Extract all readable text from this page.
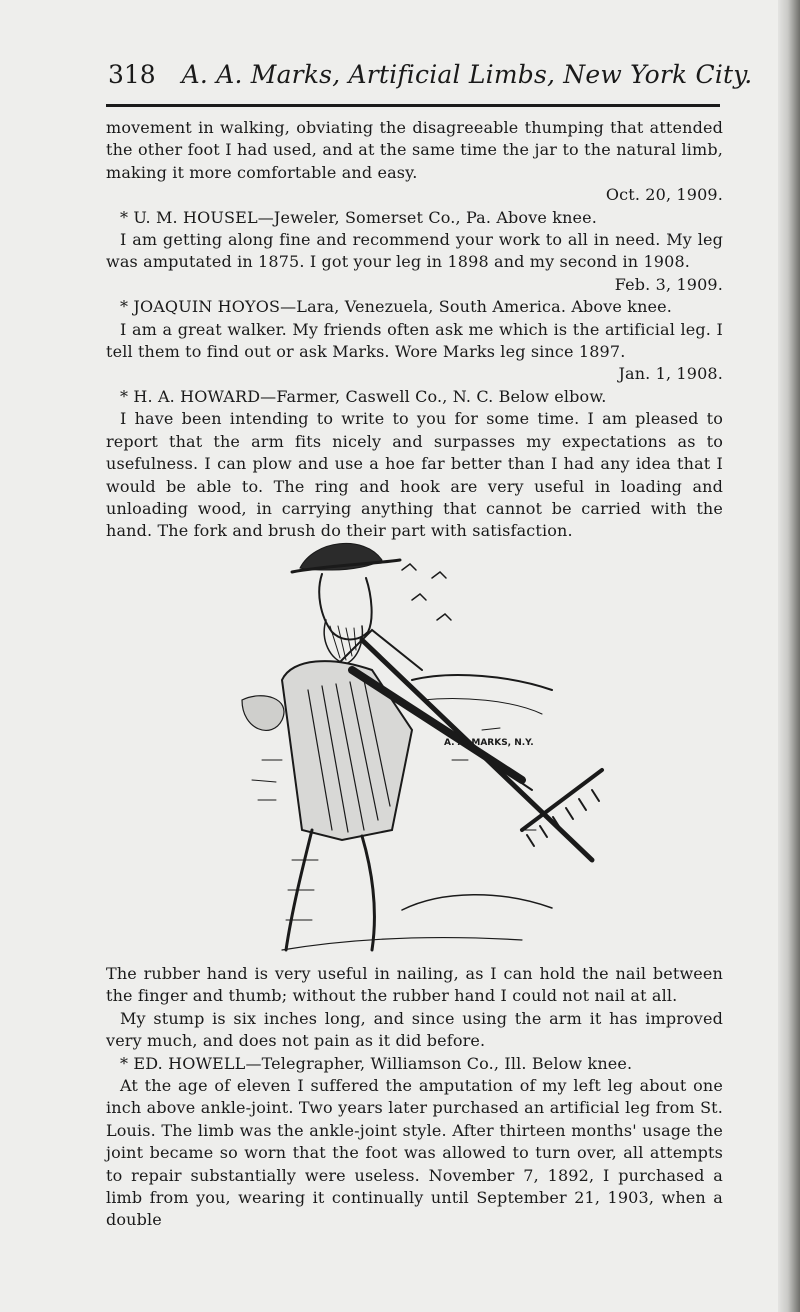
318 A. A. Marks, Artificial Limbs, New York City.

movement in walking, obviating the disagreeable thumping that attended the other foot I had used, and at the same time the jar to the natural limb, making it more comfortable and easy.
Oct. 20, 1909.

* U. M. HOUSEL—Jeweler, Somerset Co., Pa. Above knee.

I am getting along fine and recommend your work to all in need. My leg was amputated in 1875. I got your leg in 1898 and my second in 1908.
Feb. 3, 1909.

* JOAQUIN HOYOS—Lara, Venezuela, South America. Above knee.

I am a great walker. My friends often ask me which is the artificial leg. I tell them to find out or ask Marks. Wore Marks leg since 1897.
Jan. 1, 1908.

* H. A. HOWARD—Farmer, Caswell Co., N. C. Below elbow.

I have been intending to write to you for some time. I am pleased to report that the arm fits nicely and surpasses my expectations as to usefulness. I can plow and use a hoe far better than I had any idea that I would be able to. The ring and hook are very useful in loading and unloading wood, in carrying anything that cannot be carried with the hand. The fork and brush do their part with satisfaction.

A. A. MARKS, N.Y.

The rubber hand is very useful in nailing, as I can hold the nail between the finger and thumb; without the rubber hand I could not nail at all.

My stump is six inches long, and since using the arm it has improved very much, and does not pain as it did before.

* ED. HOWELL—Telegrapher, Williamson Co., Ill. Below knee.

At the age of eleven I suffered the amputation of my left leg about one inch above ankle-joint. Two years later purchased an artificial leg from St. Louis. The limb was the ankle-joint style. After thirteen months' usage the joint became so worn that the foot was allowed to turn over, all attempts to repair substantially were useless. November 7, 1892, I purchased a limb from you, wearing it continually until September 21, 1903, when a double
